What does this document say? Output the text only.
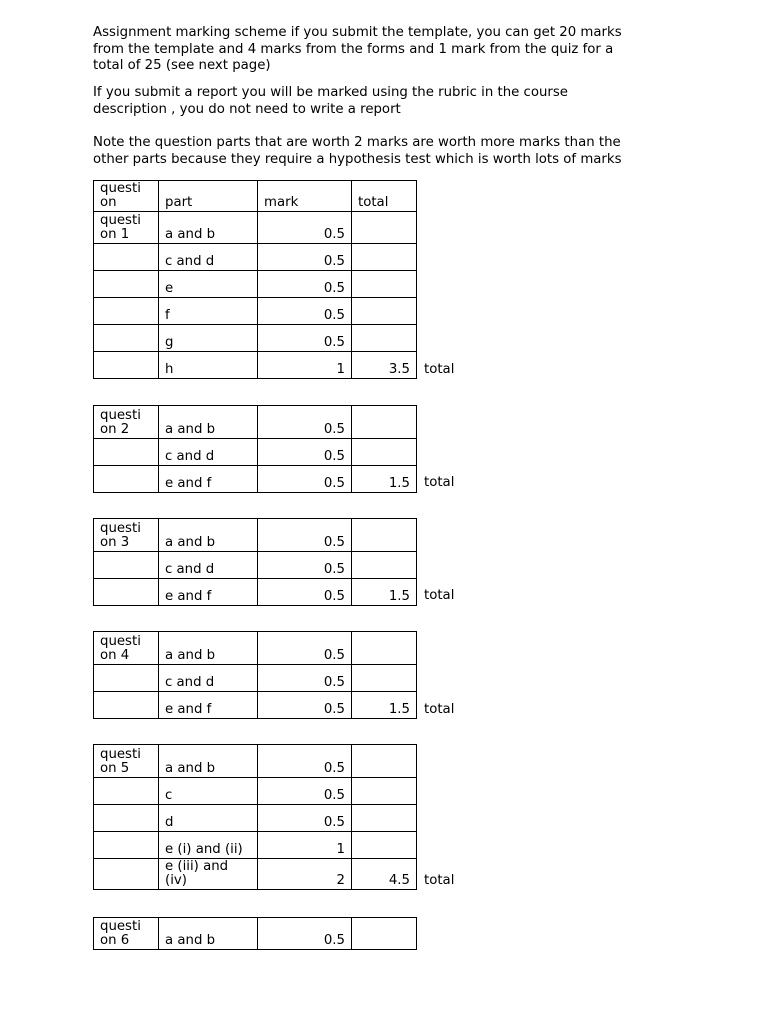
Assignment marking scheme if you submit the template, you can get 20 marks
from the template and 4 marks from the forms and 1 mark from the quiz for a
total of 25 (see next page)

If you submit a report you will be marked using the rubric in the course
description , you do not need to write a report

Note the question parts that are worth 2 marks are worth more marks than the
other parts because they require a hypothesis test which is worth lots of marks

questi
on	part	mark	total
questi
on 1	a and b	0.5	
	c and d	0.5	
	e	0.5	
	f	0.5	
	g	0.5	
	h	1	3.5 total
questi
on 2	a and b	0.5	
	c and d	0.5	
	e and f	0.5	1.5 total
questi
on 3	a and b	0.5	
	c and d	0.5	
	e and f	0.5	1.5 total
questi
on 4	a and b	0.5	
	c and d	0.5	
	e and f	0.5	1.5 total
questi
on 5	a and b	0.5	
	c	0.5	
	d	0.5	
	e (i) and (ii)	1	
	e (iii) and
(iv)	2	4.5 total
questi
on 6	a and b	0.5	
